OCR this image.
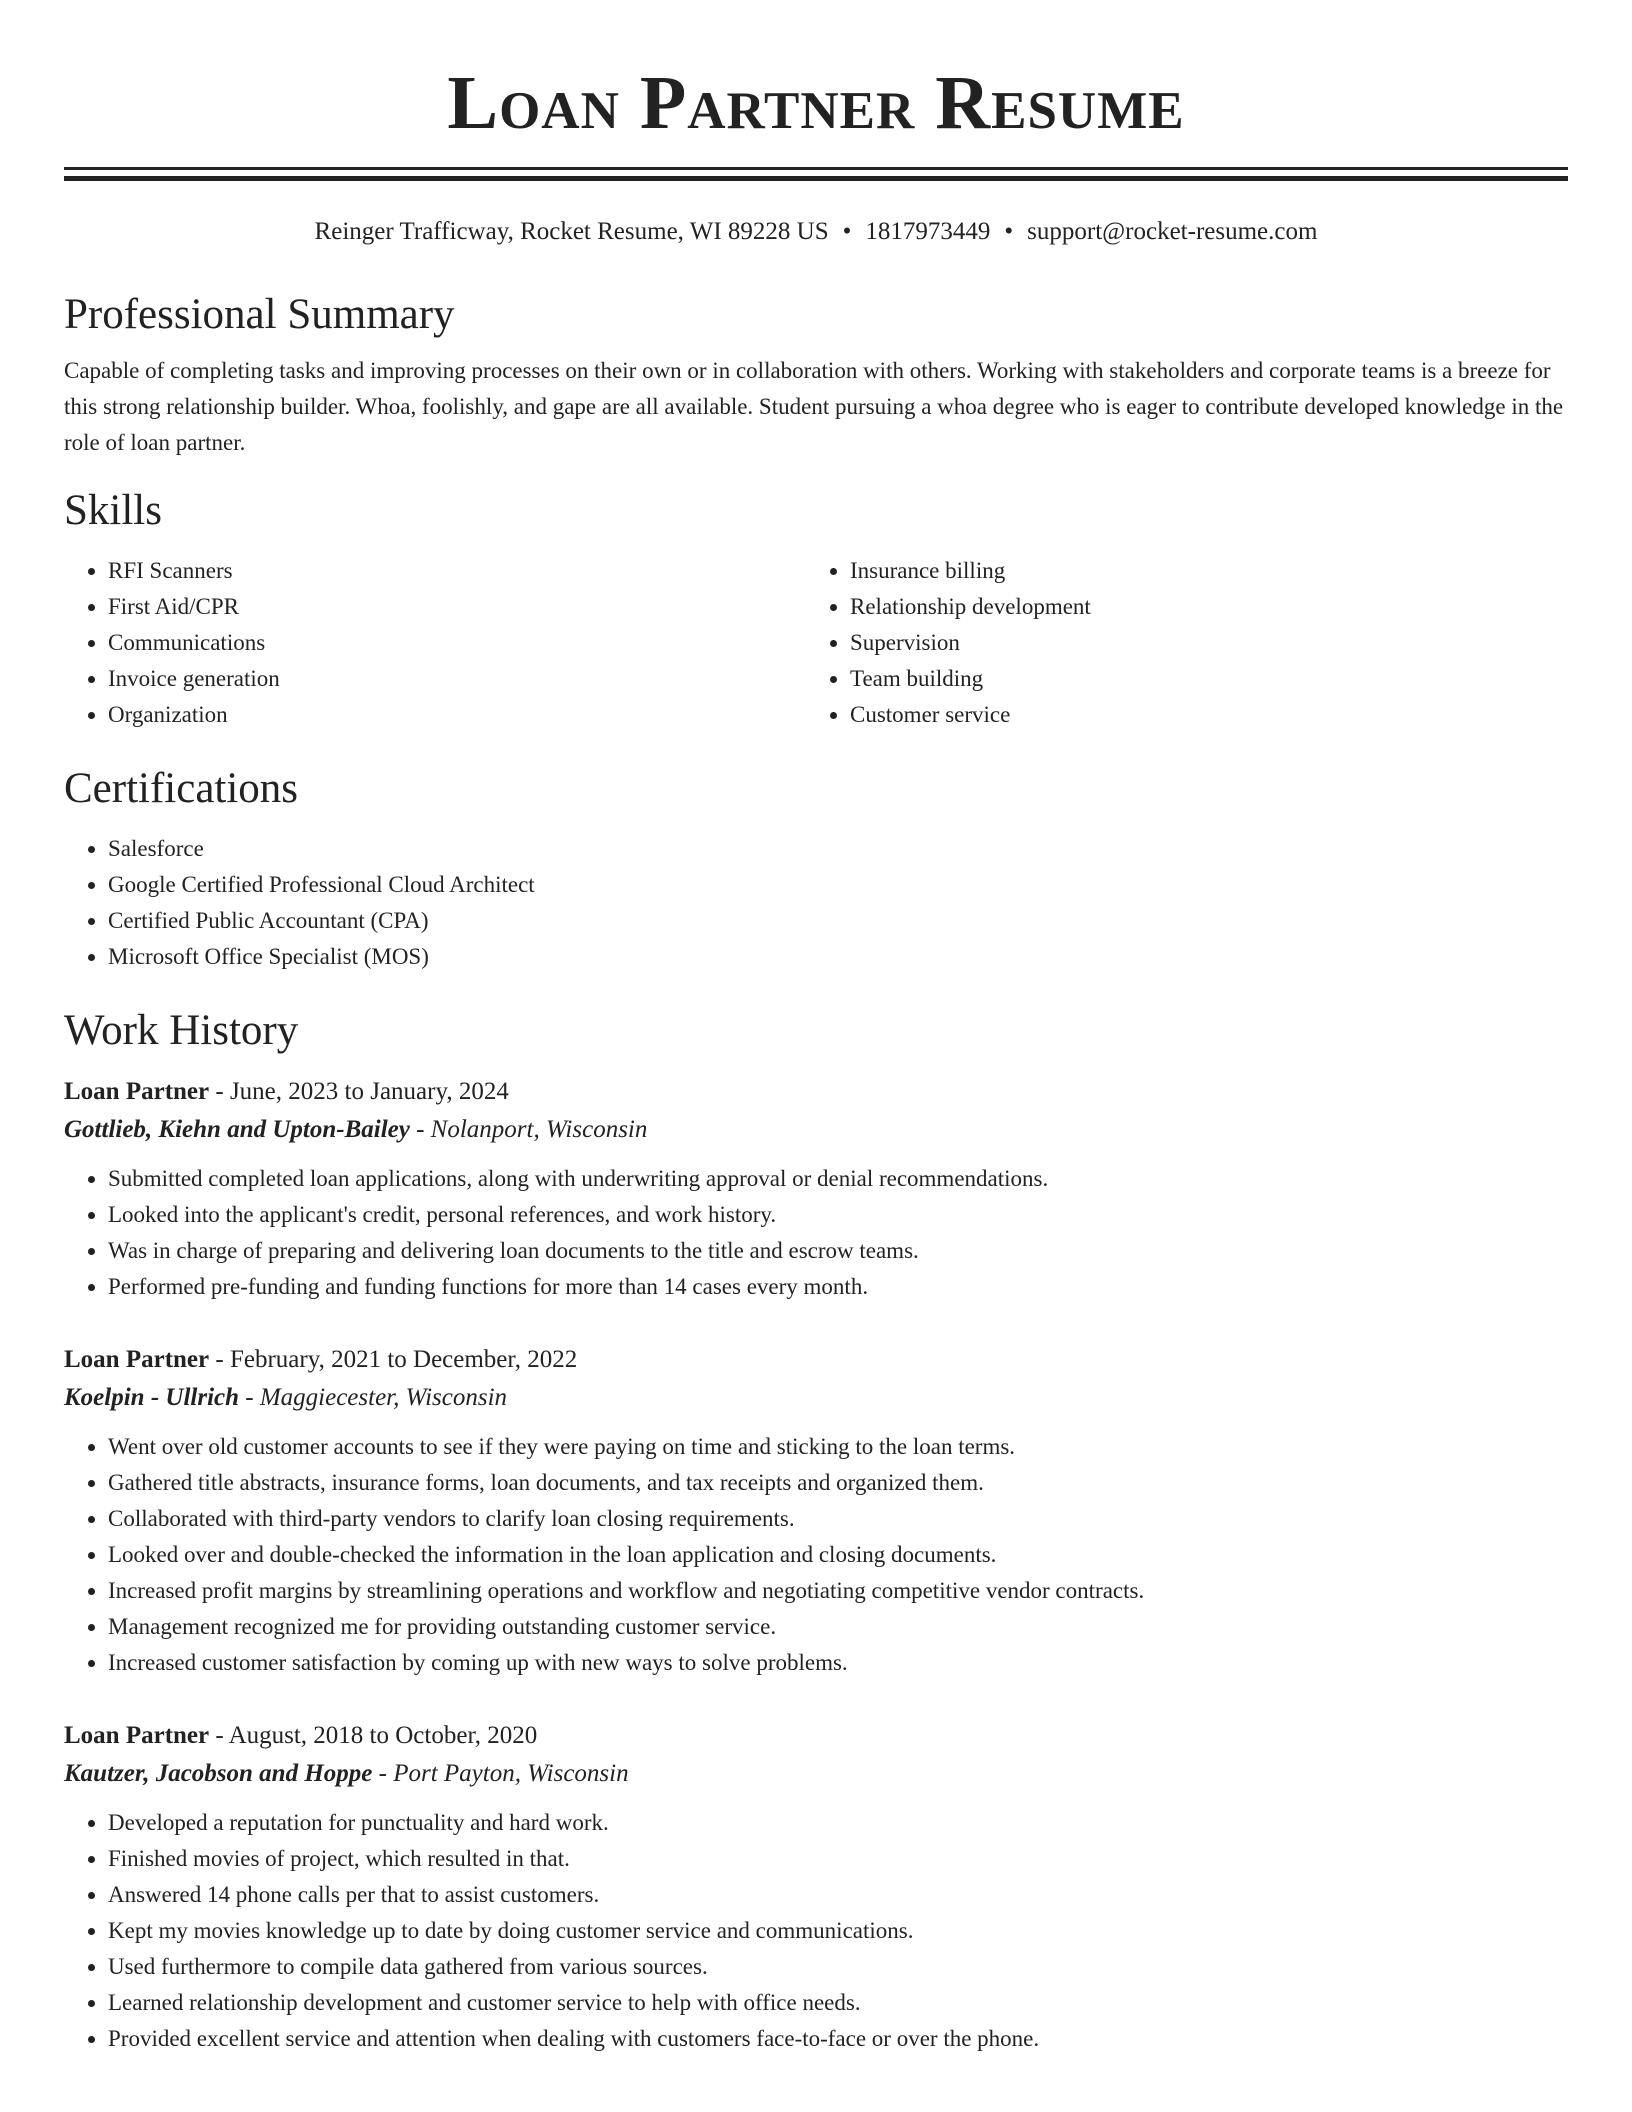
Loan Partner Resume
Reinger Trafficway, Rocket Resume, WI 89228 US • 1817973449 • support@rocket-resume.com
Professional Summary

Capable of completing tasks and improving processes on their own or in collaboration with others. Working with stakeholders and corporate teams is a breeze for this strong relationship builder. Whoa, foolishly, and gape are all available. Student pursuing a whoa degree who is eager to contribute developed knowledge in the role of loan partner.

Skills
• RFI Scanners
• First Aid/CPR
• Communications
• Invoice generation
• Organization
• Insurance billing
• Relationship development
• Supervision
• Team building
• Customer service
Certifications
• Salesforce
• Google Certified Professional Cloud Architect
• Certified Public Accountant (CPA)
• Microsoft Office Specialist (MOS)
Work History
Loan Partner - June, 2023 to January, 2024
Gottlieb, Kiehn and Upton-Bailey - Nolanport, Wisconsin
• Submitted completed loan applications, along with underwriting approval or denial recommendations.
• Looked into the applicant's credit, personal references, and work history.
• Was in charge of preparing and delivering loan documents to the title and escrow teams.
• Performed pre-funding and funding functions for more than 14 cases every month.
Loan Partner - February, 2021 to December, 2022
Koelpin - Ullrich - Maggiecester, Wisconsin
• Went over old customer accounts to see if they were paying on time and sticking to the loan terms.
• Gathered title abstracts, insurance forms, loan documents, and tax receipts and organized them.
• Collaborated with third-party vendors to clarify loan closing requirements.
• Looked over and double-checked the information in the loan application and closing documents.
• Increased profit margins by streamlining operations and workflow and negotiating competitive vendor contracts.
• Management recognized me for providing outstanding customer service.
• Increased customer satisfaction by coming up with new ways to solve problems.
Loan Partner - August, 2018 to October, 2020
Kautzer, Jacobson and Hoppe - Port Payton, Wisconsin
• Developed a reputation for punctuality and hard work.
• Finished movies of project, which resulted in that.
• Answered 14 phone calls per that to assist customers.
• Kept my movies knowledge up to date by doing customer service and communications.
• Used furthermore to compile data gathered from various sources.
• Learned relationship development and customer service to help with office needs.
• Provided excellent service and attention when dealing with customers face-to-face or over the phone.
